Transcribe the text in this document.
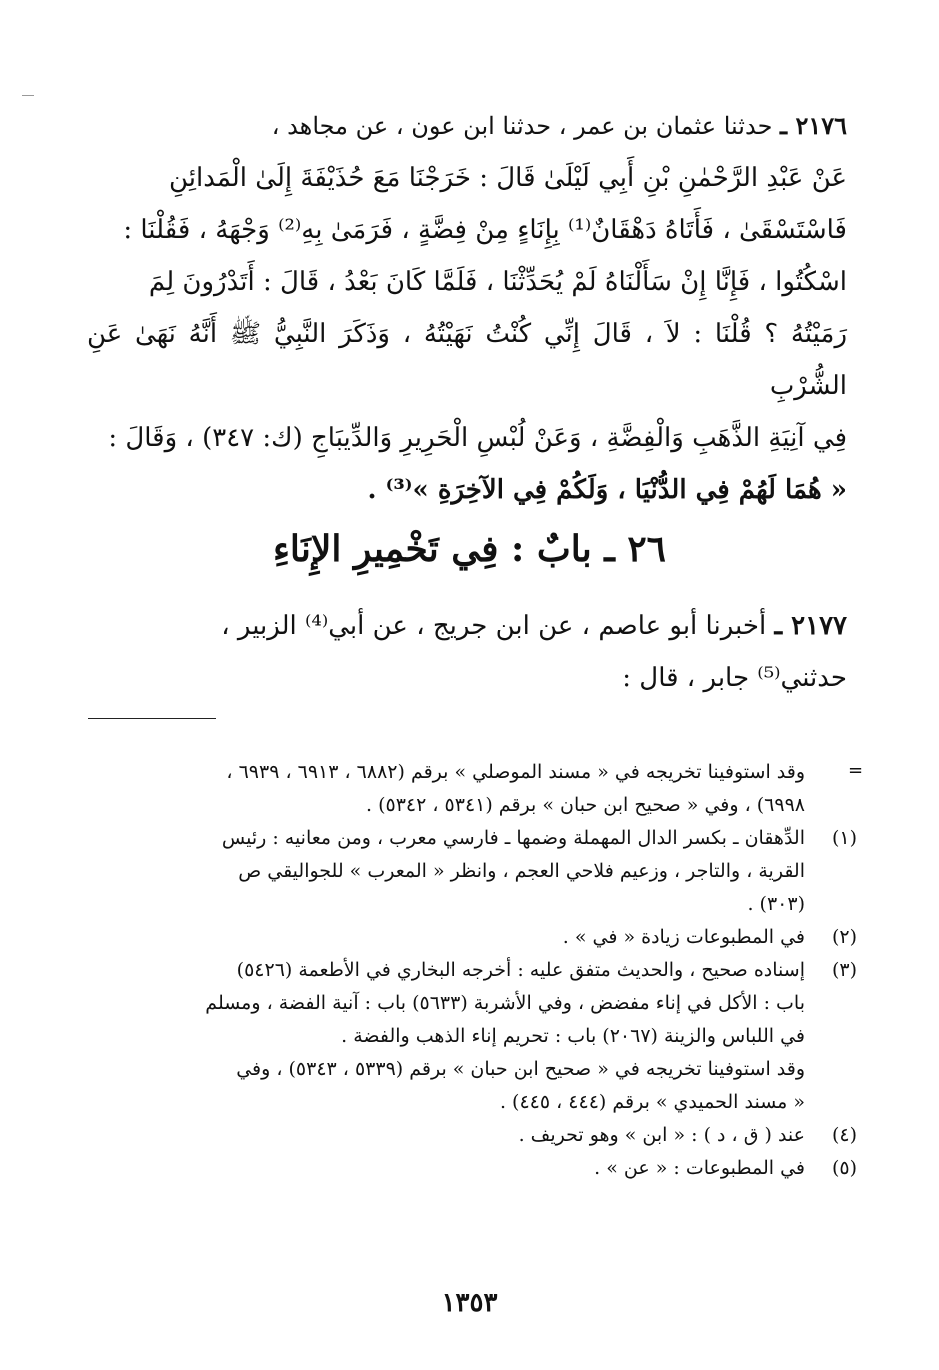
٢١٧٦ ـ حدثنا عثمان بن عمر ، حدثنا ابن عون ، عن مجاهد ،
عَنْ عَبْدِ الرَّحْمٰنِ بْنِ أَبِي لَيْلَىٰ قَالَ : خَرَجْنَا مَعَ حُذَيْفَةَ إِلَىٰ الْمَدائِنِ
فَاسْتَسْقَىٰ ، فَأَتَاهُ دَهْقَانٌ⁽¹⁾ بِإِنَاءٍ مِنْ فِضَّةٍ ، فَرَمَىٰ بِهِ⁽²⁾ وَجْهَهُ ، فَقُلْنَا :
اسْكُتُوا ، فَإِنَّا إِنْ سَأَلْنَاهُ لَمْ يُحَدِّثْنَا ، فَلَمَّا كَانَ بَعْدُ ، قَالَ : أَتَدْرُونَ لِمَ
رَمَيْتُهُ ؟ قُلْنَا : لاَ ، قَالَ إِنِّي كُنْتُ نَهَيْتُهُ ، وَذَكَرَ النَّبِيُّ ﷺ أَنَّهُ نَهَىٰ عَنِ الشُّرْبِ
فِي آنِيَةِ الذَّهَبِ وَالْفِضَّةِ ، وَعَنْ لُبْسِ الْحَرِيرِ وَالدِّيبَاجِ (ك: ٣٤٧) ، وَقَالَ :
« هُمَا لَهُمْ فِي الدُّنْيَا ، وَلَكُمْ فِي الآخِرَةِ »⁽³⁾ .
٢٦ ـ بابٌ : فِي تَخْمِيرِ الإِنَاءِ
٢١٧٧ ـ أخبرنا أبو عاصم ، عن ابن جريج ، عن أبي⁽⁴⁾ الزبير ،
حدثني⁽⁵⁾ جابر ، قال :
=
وقد استوفينا تخريجه في « مسند الموصلي » برقم (٦٨٨٢ ، ٦٩١٣ ، ٦٩٣٩ ،
٦٩٩٨) ، وفي « صحيح ابن حبان » برقم (٥٣٤١ ، ٥٣٤٢) .
(١)
الدِّهقان ـ بكسر الدال المهملة وضمها ـ فارسي معرب ، ومن معانيه : رئيس
القرية ، والتاجر ، وزعيم فلاحي العجم ، وانظر « المعرب » للجواليقي ص
(٣٠٣) .
(٢)
في المطبوعات زيادة « في » .
(٣)
إسناده صحيح ، والحديث متفق عليه : أخرجه البخاري في الأطعمة (٥٤٢٦)
باب : الأكل في إناء مفضض ، وفي الأشربة (٥٦٣٣) باب : آنية الفضة ، ومسلم
في اللباس والزينة (٢٠٦٧) باب : تحريم إناء الذهب والفضة .
وقد استوفينا تخريجه في « صحيح ابن حبان » برقم (٥٣٣٩ ، ٥٣٤٣) ، وفي
« مسند الحميدي » برقم (٤٤٤ ، ٤٤٥) .
(٤)
عند ( ق ، د ) : « ابن » وهو تحريف .
(٥)
في المطبوعات : « عن » .
١٣٥٣
